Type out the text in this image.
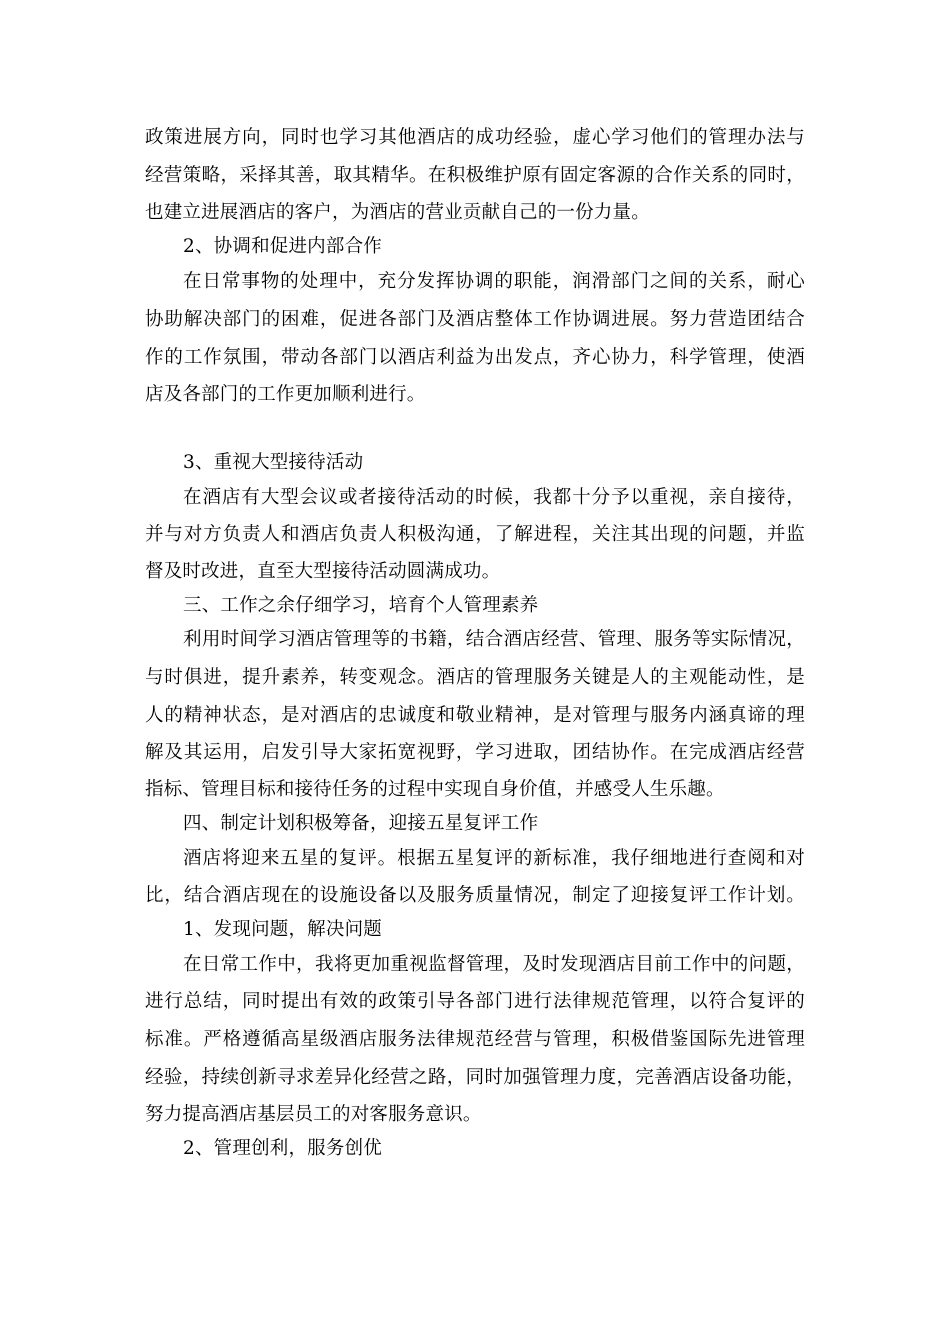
政策进展方向，同时也学习其他酒店的成功经验，虚心学习他们的管理办法与
经营策略，采择其善，取其精华。在积极维护原有固定客源的合作关系的同时，
也建立进展酒店的客户，为酒店的营业贡献自己的一份力量。
2、协调和促进内部合作
在日常事物的处理中，充分发挥协调的职能，润滑部门之间的关系，耐心
协助解决部门的困难，促进各部门及酒店整体工作协调进展。努力营造团结合
作的工作氛围，带动各部门以酒店利益为出发点，齐心协力，科学管理，使酒
店及各部门的工作更加顺利进行。
3、重视大型接待活动
在酒店有大型会议或者接待活动的时候，我都十分予以重视，亲自接待，
并与对方负责人和酒店负责人积极沟通，了解进程，关注其出现的问题，并监
督及时改进，直至大型接待活动圆满成功。
三、工作之余仔细学习，培育个人管理素养
利用时间学习酒店管理等的书籍，结合酒店经营、管理、服务等实际情况，
与时俱进，提升素养，转变观念。酒店的管理服务关键是人的主观能动性，是
人的精神状态，是对酒店的忠诚度和敬业精神，是对管理与服务内涵真谛的理
解及其运用，启发引导大家拓宽视野，学习进取，团结协作。在完成酒店经营
指标、管理目标和接待任务的过程中实现自身价值，并感受人生乐趣。
四、制定计划积极筹备，迎接五星复评工作
酒店将迎来五星的复评。根据五星复评的新标准，我仔细地进行查阅和对
比，结合酒店现在的设施设备以及服务质量情况，制定了迎接复评工作计划。
1、发现问题，解决问题
在日常工作中，我将更加重视监督管理，及时发现酒店目前工作中的问题，
进行总结，同时提出有效的政策引导各部门进行法律规范管理，以符合复评的
标准。严格遵循高星级酒店服务法律规范经营与管理，积极借鉴国际先进管理
经验，持续创新寻求差异化经营之路，同时加强管理力度，完善酒店设备功能，
努力提高酒店基层员工的对客服务意识。
2、管理创利，服务创优
